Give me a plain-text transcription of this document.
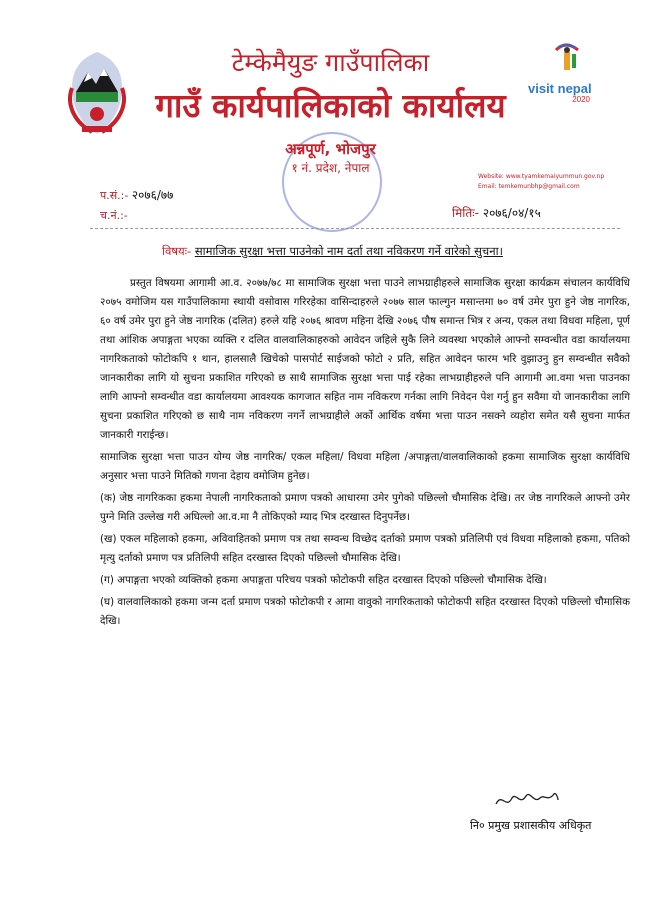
visit nepal
2020
टेम्केमैयुङ गाउँपालिका
गाउँ कार्यपालिकाको कार्यालय
अन्नपूर्ण, भोजपुर
१ नं. प्रदेश, नेपाल
Website: www.tyamkemaiyummun.gov.np
Email: temkemunbhp@gmail.com
प.सं.:- २०७६/७७
च.नं.:-	मितिः- २०७६/०४/१५
विषयः- सामाजिक सुरक्षा भत्ता पाउनेको नाम दर्ता तथा नविकरण गर्ने वारेको सुचना।

प्रस्तुत विषयमा आगामी आ.व. २०७७/७८ मा सामाजिक सुरक्षा भत्ता पाउने लाभग्राहीहरुले सामाजिक सुरक्षा कार्यक्रम संचालन कार्यविधि २०७५ वमोजिम यस गाउँपालिकामा स्थायी वसोवास गरिरहेका वासिन्दाहरुले २०७७ साल फाल्गुन मसान्तमा ७० वर्ष उमेर पुरा हुने जेष्ठ नागरिक, ६० वर्ष उमेर पुरा हुने जेष्ठ नागरिक (दलित) हरुले यहि २०७६ श्रावण महिना देखि २०७६ पौष समान्त भित्र र अन्य, एकल तथा विधवा महिला, पूर्ण तथा आंशिक अपाङ्गता भएका व्यक्ति र दलित वालवालिकाहरुको आवेदन जहिले सुकै लिने व्यवस्था भएकोले आफ्नो सम्वन्धीत वडा कार्यालयमा नागरिकताको फोटोकपि १ थान, हालसालै खिचेको पासपोर्ट साईजको फोटो २ प्रति, सहित आवेदन फारम भरि वुझाउनु हुन सम्वन्धीत सवैको जानकारीका लागि यो सुचना प्रकाशित गरिएको छ साथै सामाजिक सुरक्षा भत्ता पाई रहेका लाभग्राहीहरुले पनि आगामी आ.वमा भत्ता पाउनका लागि आफ्नो सम्वन्धीत वडा कार्यालयमा आवश्यक कागजात सहित नाम नविकरण गर्नका लागि निवेदन पेश गर्नु हुन सवैमा यो जानकारीका लागि सुचना प्रकाशित गरिएको छ साथै नाम नविकरण नगर्ने लाभग्राहीले अर्को आर्थिक वर्षमा भत्ता पाउन नसक्ने व्यहोरा समेत यसै सुचना मार्फत जानकारी गराईन्छ।

सामाजिक सुरक्षा भत्ता पाउन योग्य जेष्ठ नागरिक/ एकल महिला/ विधवा महिला /अपाङ्गता/वालवालिकाको हकमा सामाजिक सुरक्षा कार्यविधि अनुसार भत्ता पाउने मितिको गणना देहाय वमोजिम हुनेछ।

(क) जेष्ठ नागरिकका हकमा नेपाली नागरिकताको प्रमाण पत्रको आधारमा उमेर पुगेको पछिल्लो चौमासिक देखि। तर जेष्ठ नागरिकले आफ्नो उमेर पुग्ने मिति उल्लेख गरी अघिल्लो आ.व.मा नै तोकिएको म्याद भित्र दरखास्त दिनुपर्नेछ।

(ख) एकल महिलाको हकमा, अविवाहितको प्रमाण पत्र तथा सम्वन्ध विच्छेद दर्ताको प्रमाण पत्रको प्रतिलिपी एवं विधवा महिलाको हकमा, पतिको मृत्यु दर्ताको प्रमाण पत्र प्रतिलिपी सहित दरखास्त दिएको पछिल्लो चौमासिक देखि।

(ग) अपाङ्गता भएको व्यक्तिको हकमा अपाङ्गता परिचय पत्रको फोटोकपी सहित दरखास्त दिएको पछिल्लो चौमासिक देखि।

(घ) वालवालिकाको हकमा जन्म दर्ता प्रमाण पत्रको फोटोकपी र आमा वावुको नागरिकताको फोटोकपी सहित दरखास्त दिएको पछिल्लो चौमासिक देखि।

नि० प्रमुख प्रशासकीय अधिकृत
